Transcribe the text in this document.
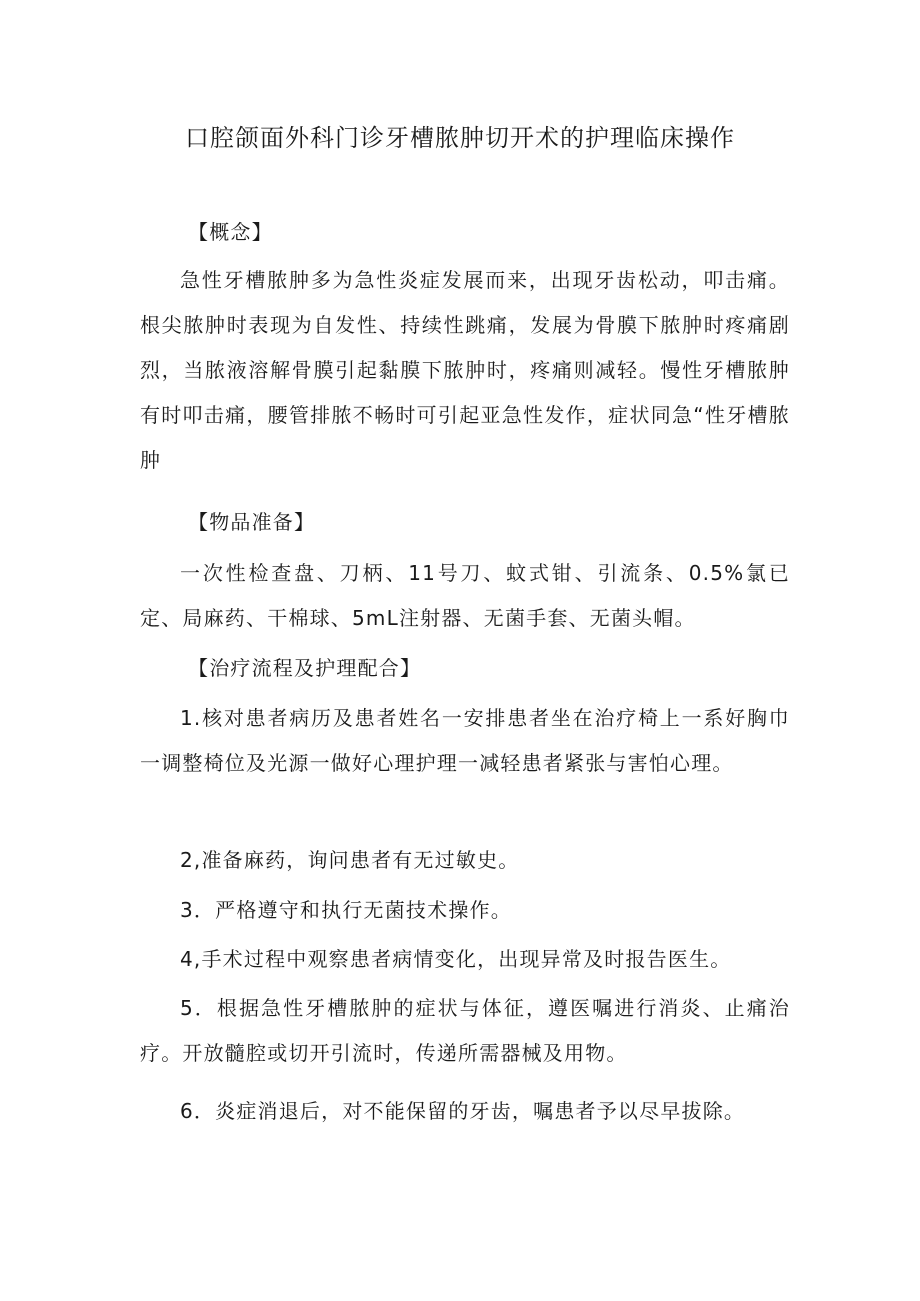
口腔颌面外科门诊牙槽脓肿切开术的护理临床操作

【概念】

急性牙槽脓肿多为急性炎症发展而来，出现牙齿松动，叩击痛。根尖脓肿时表现为自发性、持续性跳痛，发展为骨膜下脓肿时疼痛剧烈，当脓液溶解骨膜引起黏膜下脓肿时，疼痛则减轻。慢性牙槽脓肿有时叩击痛，腰管排脓不畅时可引起亚急性发作，症状同急“性牙槽脓肿

【物品准备】

一次性检查盘、刀柄、11号刀、蚊式钳、引流条、0.5%氯已定、局麻药、干棉球、5mL注射器、无菌手套、无菌头帽。

【治疗流程及护理配合】

1.核对患者病历及患者姓名一安排患者坐在治疗椅上一系好胸巾一调整椅位及光源一做好心理护理一减轻患者紧张与害怕心理。

2,准备麻药，询问患者有无过敏史。

3．严格遵守和执行无菌技术操作。

4,手术过程中观察患者病情变化，出现异常及时报告医生。

5．根据急性牙槽脓肿的症状与体征，遵医嘱进行消炎、止痛治疗。开放髓腔或切开引流时，传递所需器械及用物。

6．炎症消退后，对不能保留的牙齿，嘱患者予以尽早拔除。
